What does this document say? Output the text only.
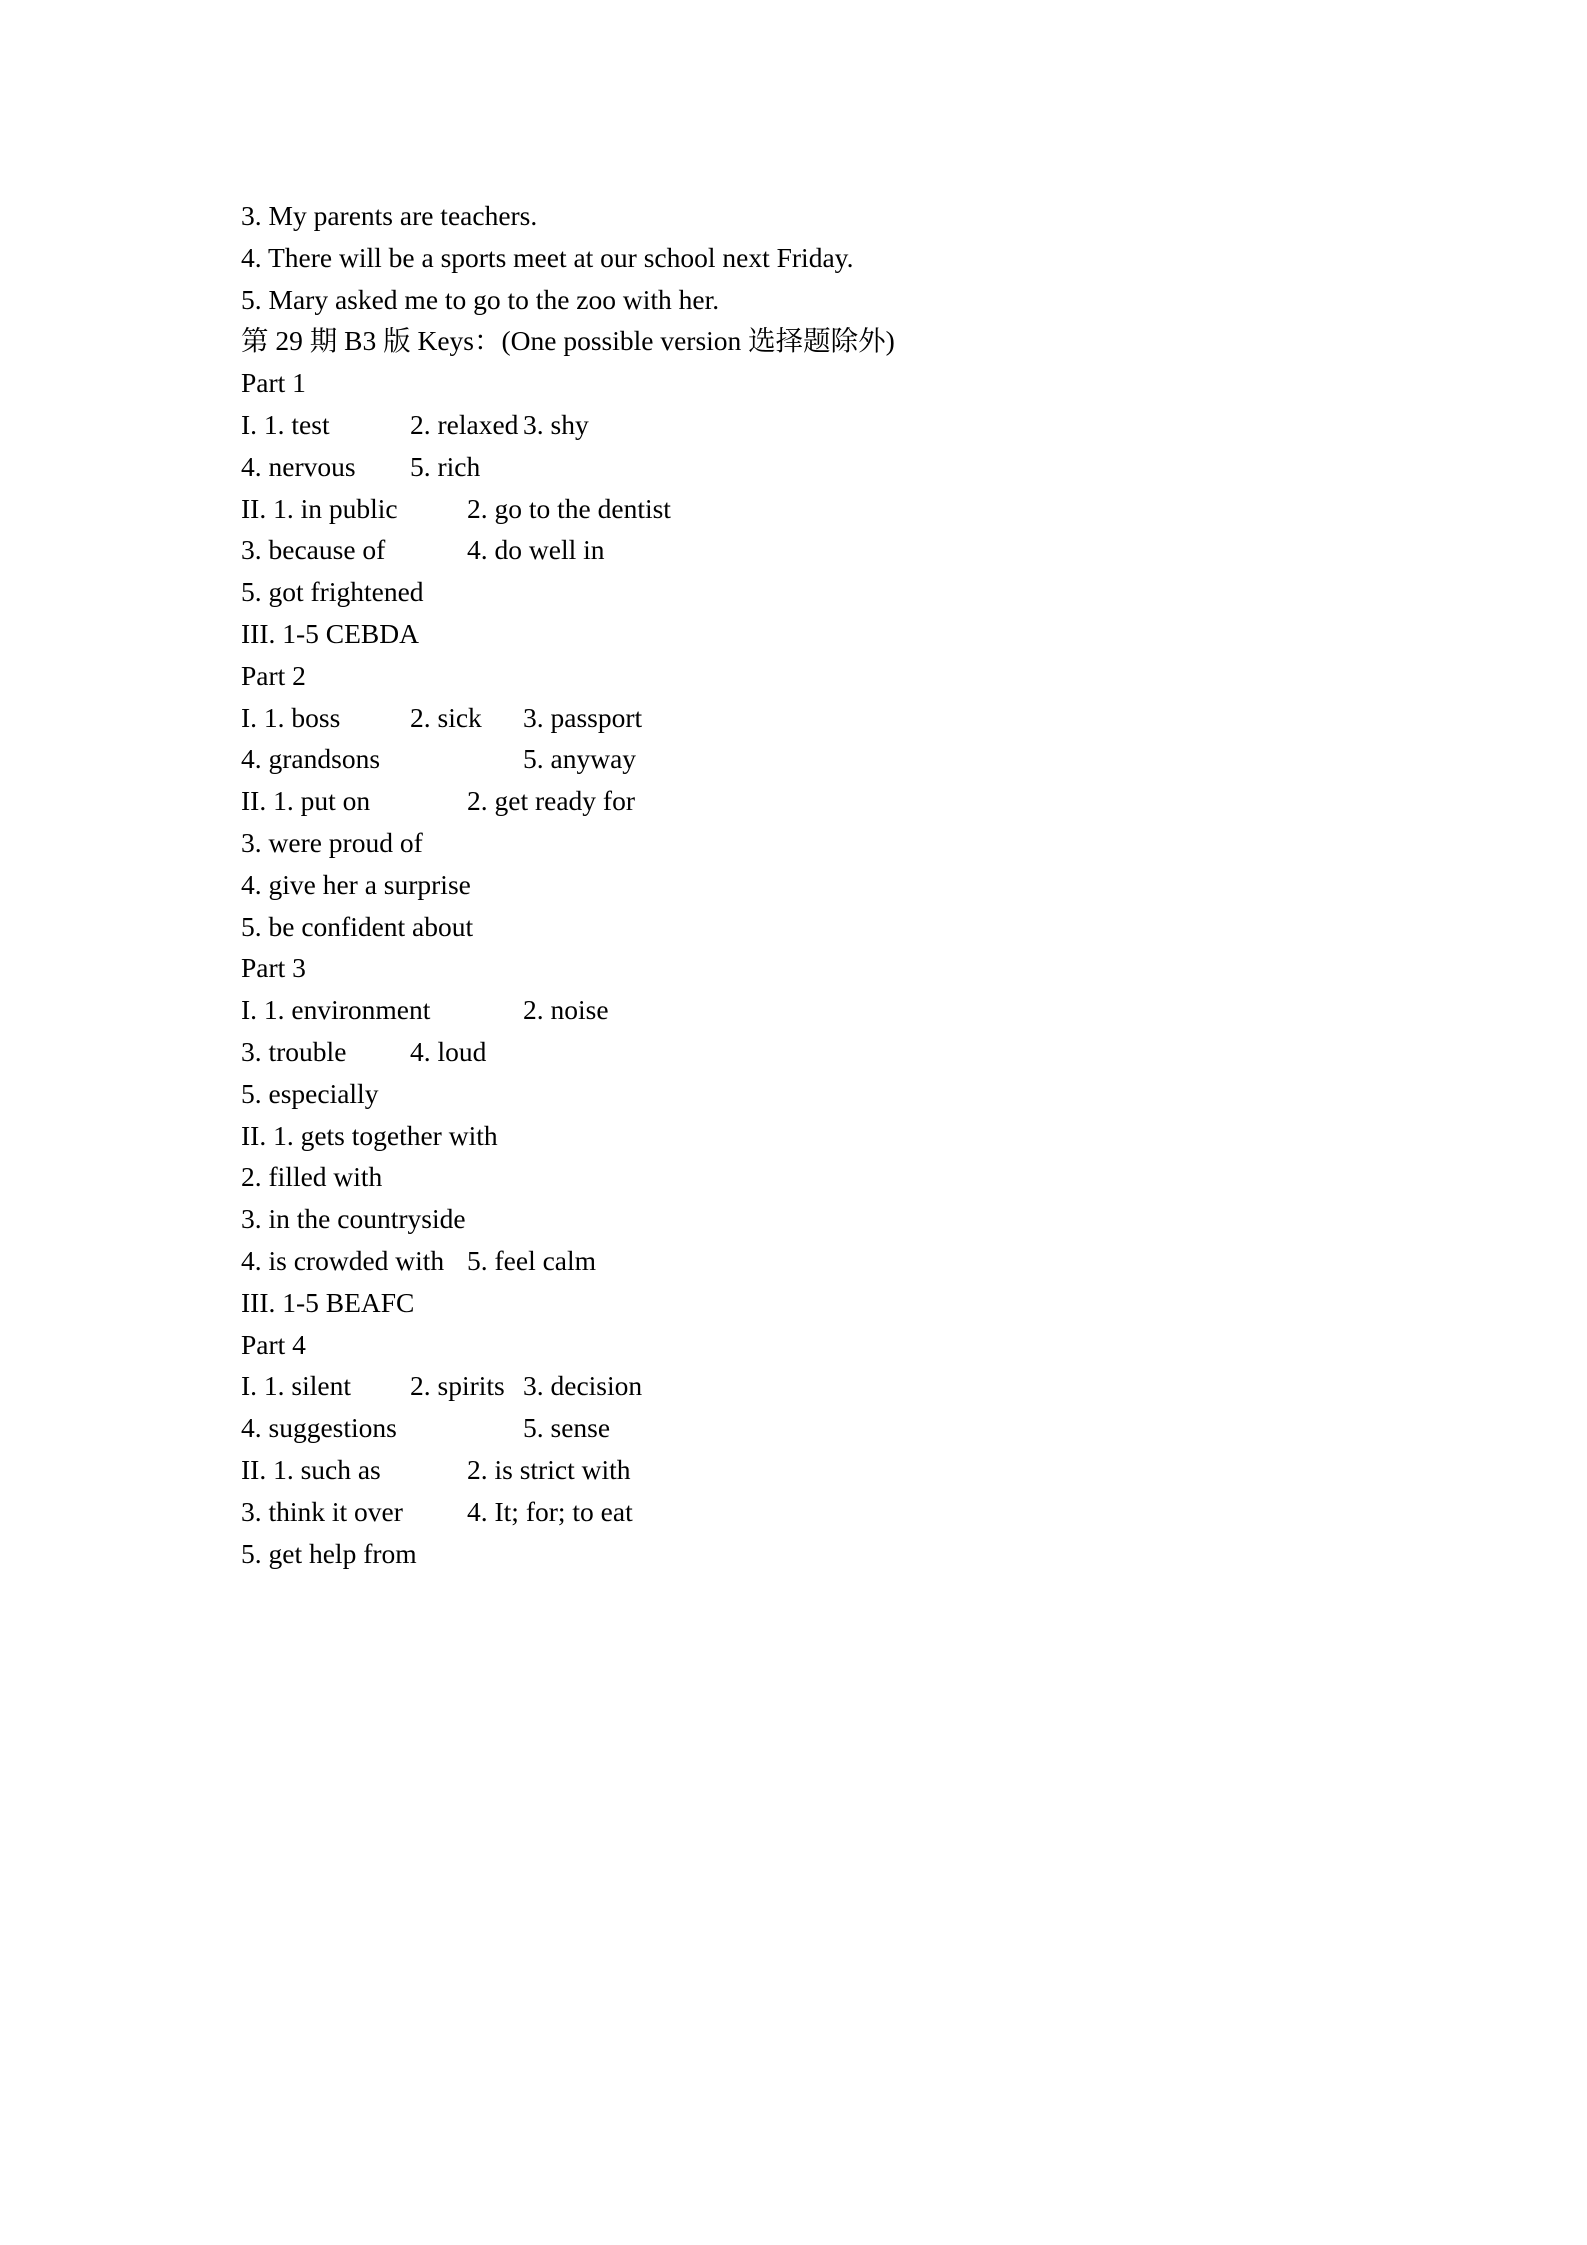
3. My parents are teachers.
4. There will be a sports meet at our school next Friday.
5. Mary asked me to go to the zoo with her.
第 29 期 B3 版 Keys：(One possible version 选择题除外)
Part 1
I. 1. test	2. relaxed 3. shy
4. nervous 5. rich
II. 1. in public	2. go to the dentist
3. because of	4. do well in
5. got frightened
III. 1-5 CEBDA
Part 2
I. 1. boss	2. sick 3. passport
4. grandsons	5. anyway
II. 1. put on	2. get ready for
3. were proud of
4. give her a surprise
5. be confident about
Part 3
I. 1. environment	2. noise
3. trouble 4. loud
5. especially
II. 1. gets together with
2. filled with
3. in the countryside
4. is crowded with 5. feel calm
III. 1-5 BEAFC
Part 4
I. 1. silent 2. spirits 3. decision
4. suggestions	5. sense
II. 1. such as	2. is strict with
3. think it over 4. It; for; to eat
5. get help from
